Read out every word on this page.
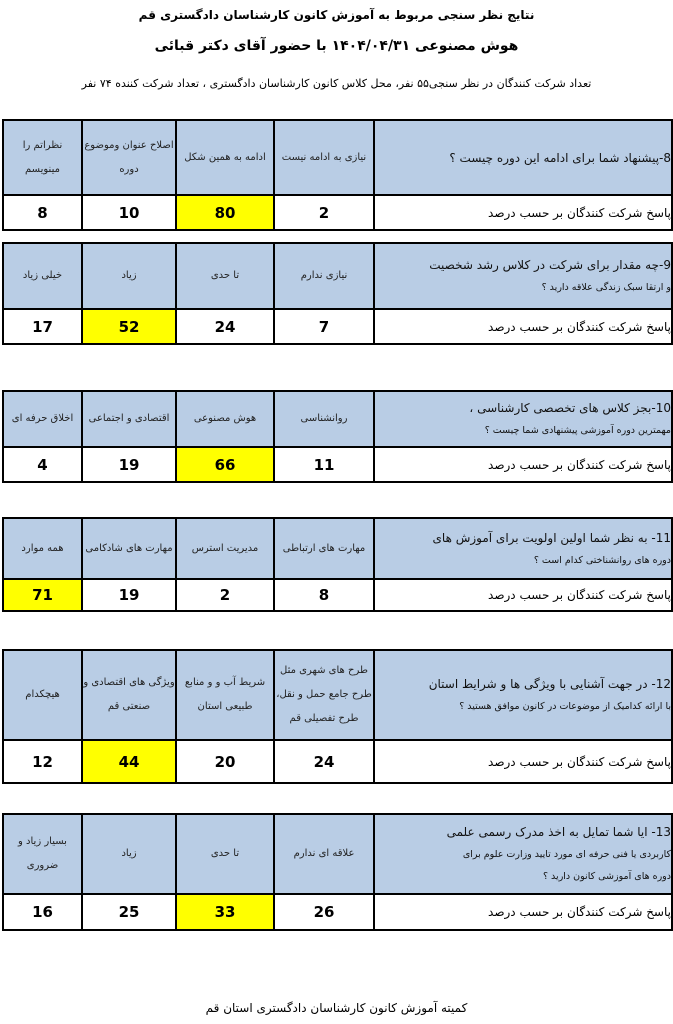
نتایج نظر سنجی مربوط به آموزش کانون کارشناسان دادگستری قم
هوش مصنوعی ۱۴۰۴/۰۴/۳۱ با حضور آقای دکتر قبائی
تعداد شرکت کنندگان در نظر سنجی۵۵ نفر، محل کلاس کانون کارشناسان دادگستری ، تعداد شرکت کننده ۷۴ نفر
نظراتم را مینویسم	اصلاح عنوان وموضوع دوره	ادامه به همین شکل	نیازی به ادامه نیست	8-پیشنهاد شما برای ادامه این دوره چیست ؟

8	10	80	2	پاسخ شرکت کنندگان بر حسب درصد
خیلی زیاد	زیاد	تا حدی	نیازی ندارم	9-چه مقدار برای شرکت در کلاس رشد شخصیت
و ارتقا سبک زندگی علاقه دارید ؟

17	52	24	7	پاسخ شرکت کنندگان بر حسب درصد
اخلاق حرفه ای	اقتصادی و اجتماعی	هوش مصنوعی	روانشناسی	10-بجز کلاس های تخصصی کارشناسی ،
مهمترین دوره آموزشی پیشنهادی شما چیست ؟

4	19	66	11	پاسخ شرکت کنندگان بر حسب درصد
همه موارد	مهارت های شادکامی	مدیریت استرس	مهارت های ارتباطی	11- به نظر شما اولین اولویت برای آموزش های
دوره های روانشناختی کدام است ؟

71	19	2	8	پاسخ شرکت کنندگان بر حسب درصد
هیچکدام	ویژگی های اقتصادی و صنعتی قم	شریط آب و و منابع طبیعی استان	طرح های شهری مثل طرح جامع حمل و نقل، طرح تفصیلی قم	12- در جهت آشنایی با ویژگی ها و شرایط استان
با ارائه کدامیک از موضوعات در کانون موافق هستید ؟

12	44	20	24	پاسخ شرکت کنندگان بر حسب درصد
بسیار زیاد و ضروری	زیاد	تا حدی	علاقه ای ندارم	13- ایا شما تمایل به اخذ مدرک رسمی علمی
کاربردی یا فنی حرفه ای مورد تایید وزارت علوم برای
دوره های آموزشی کانون دارید ؟

16	25	33	26	پاسخ شرکت کنندگان بر حسب درصد
کمیته آموزش کانون کارشناسان دادگستری استان قم
